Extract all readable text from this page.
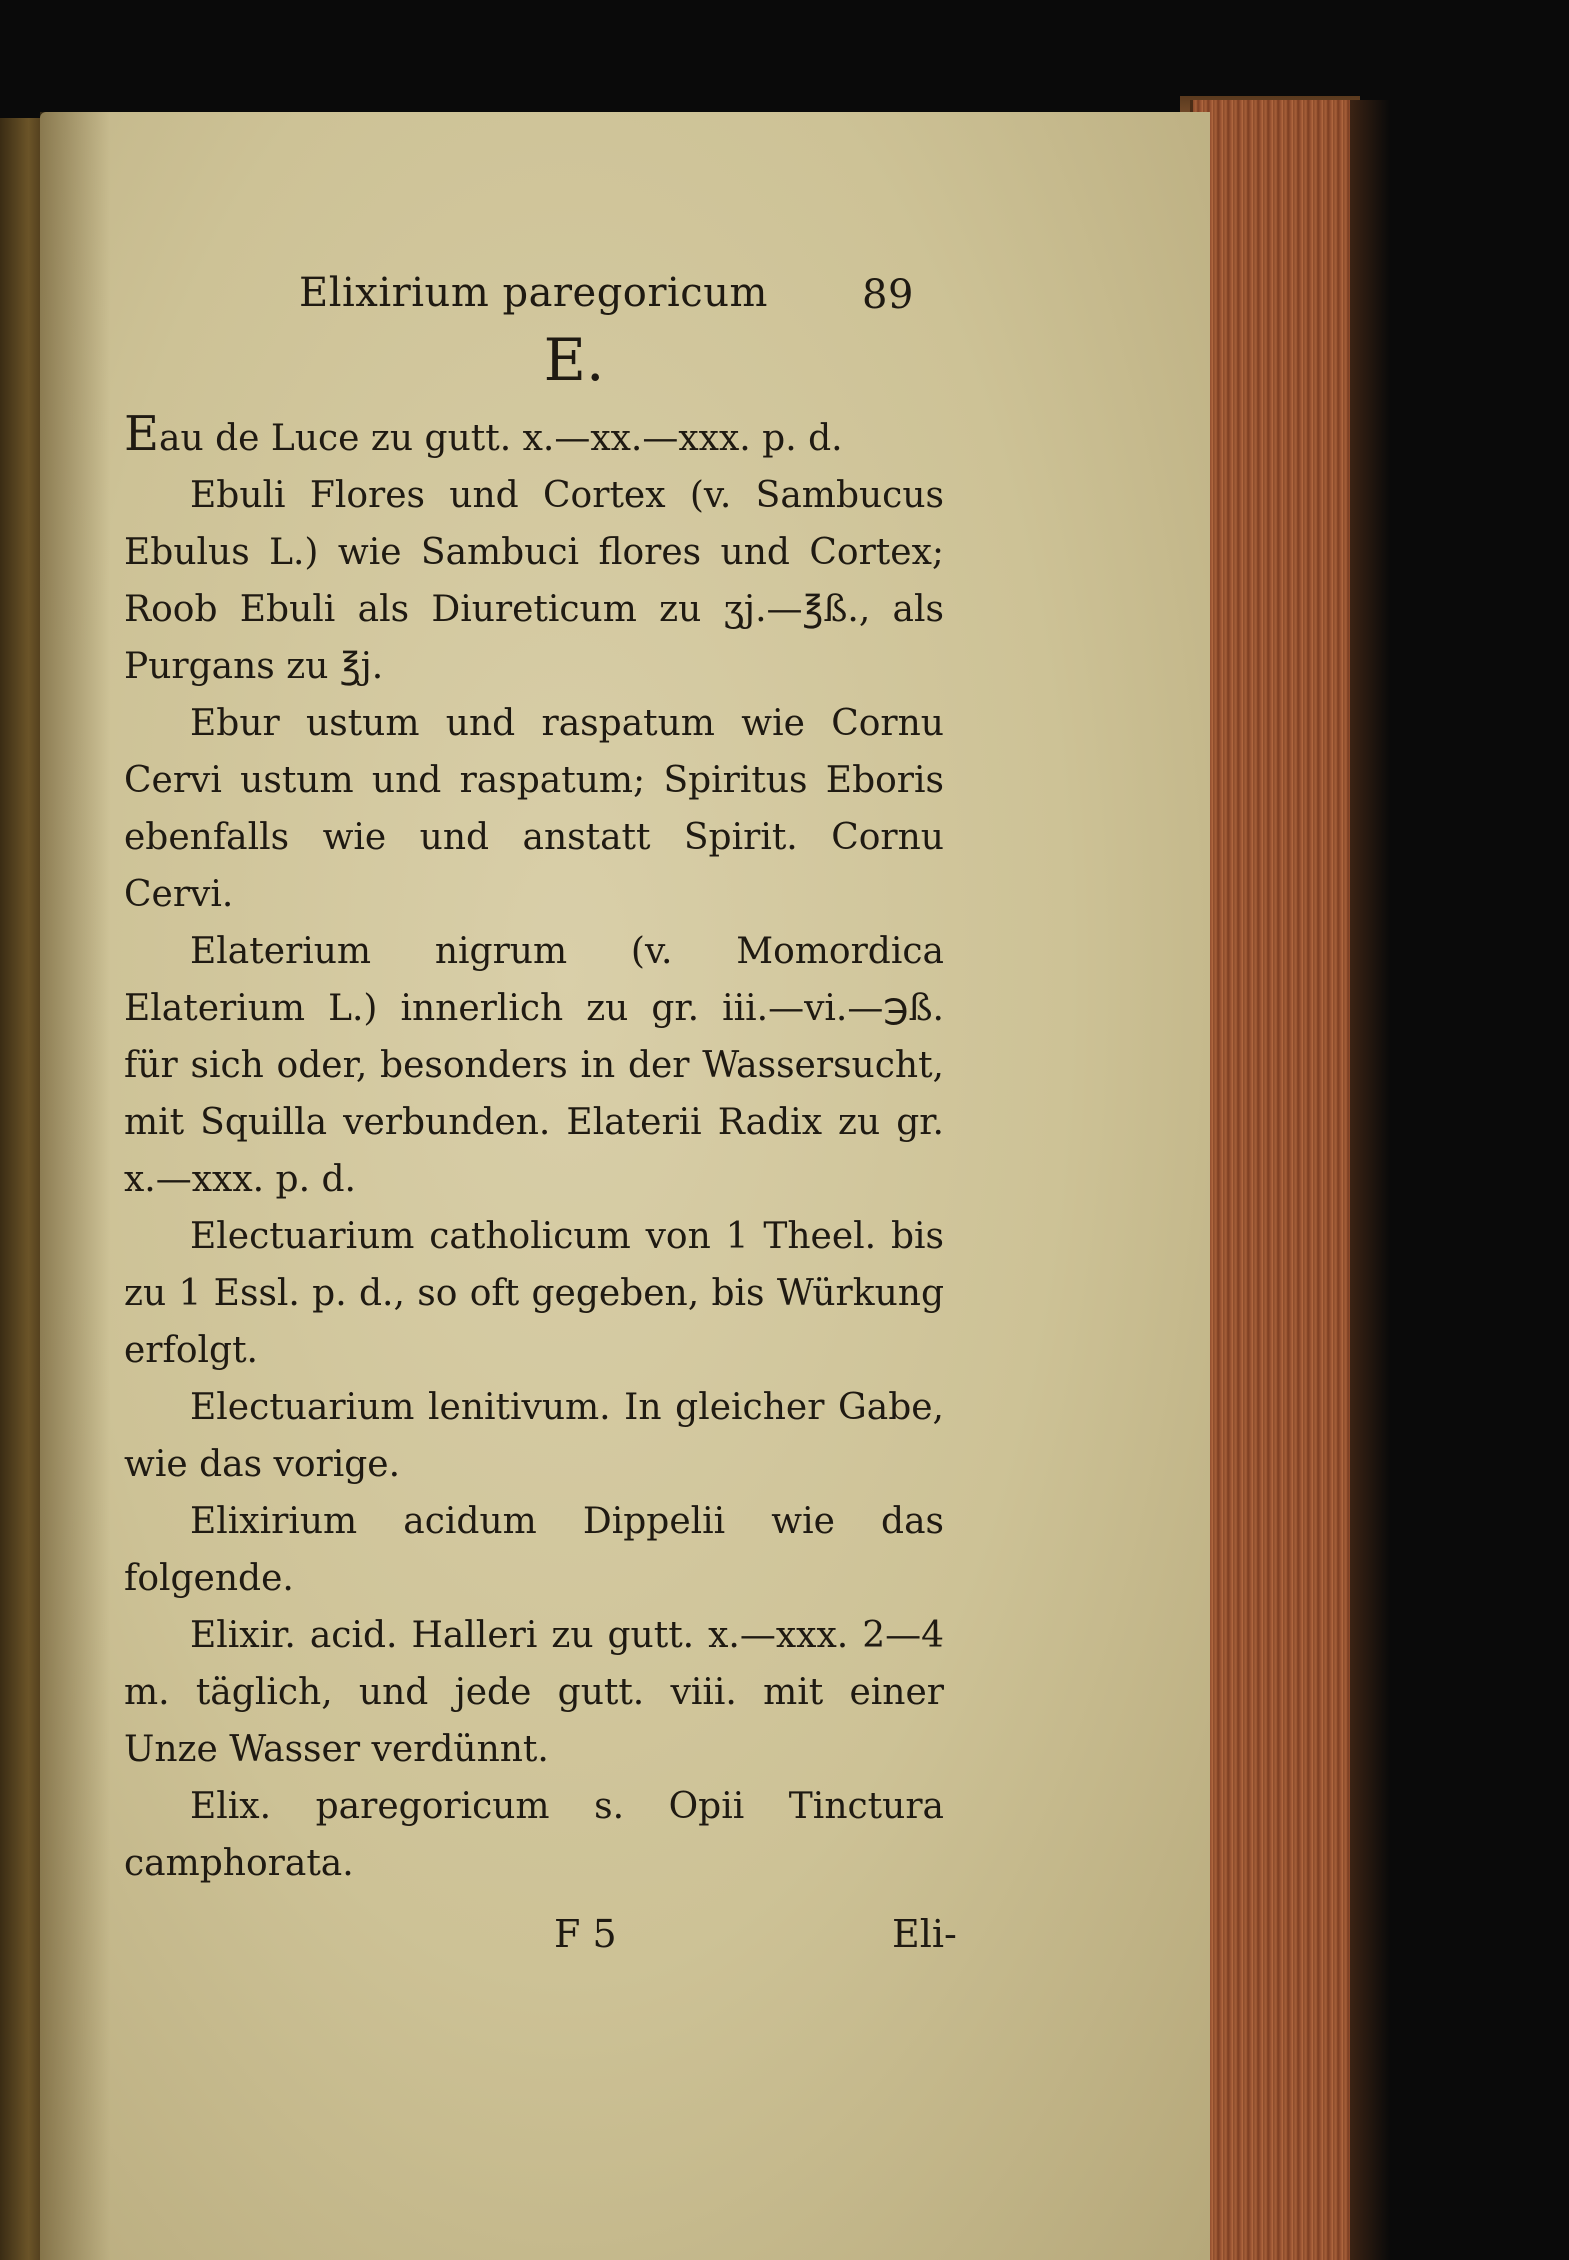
Elixirium paregoricum 89
E.

Eau de Luce zu gutt. x.—xx.—xxx. p. d.

Ebuli Flores und Cortex (v. Sambucus Ebulus L.) wie Sambuci flores und Cortex; Roob Ebuli als Diureticum zu ʒj.—℥ß., als Purgans zu ℥j.

Ebur ustum und raspatum wie Cornu Cervi ustum und raspatum; Spiritus Eboris ebenfalls wie und anstatt Spirit. Cornu Cervi.

Elaterium nigrum (v. Momordica Elaterium L.) innerlich zu gr. iii.—vi.—℈ß. für sich oder, besonders in der Wassersucht, mit Squilla verbunden. Elaterii Radix zu gr. x.—xxx. p. d.

Electuarium catholicum von 1 Theel. bis zu 1 Essl. p. d., so oft gegeben, bis Würkung erfolgt.

Electuarium lenitivum. In gleicher Gabe, wie das vorige.

Elixirium acidum Dippelii wie das folgende.

Elixir. acid. Halleri zu gutt. x.—xxx. 2—4 m. täglich, und jede gutt. viii. mit einer Unze Wasser verdünnt.

Elix. paregoricum s. Opii Tinctura camphorata.

F 5	Eli-
